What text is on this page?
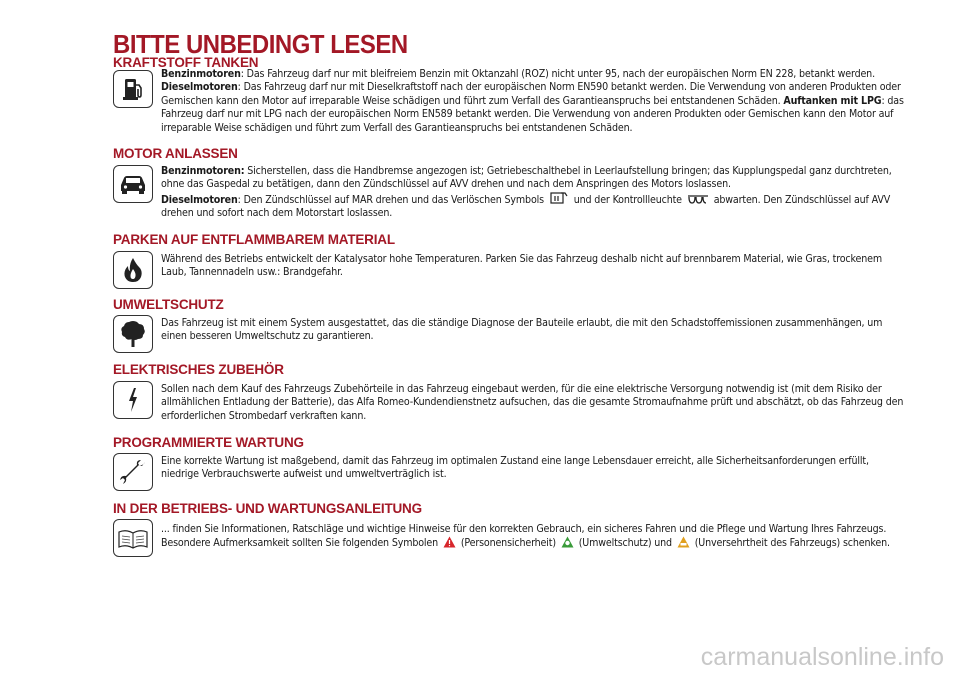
BITTE UNBEDINGT LESEN
KRAFTSTOFF TANKEN

Benzinmotoren: Das Fahrzeug darf nur mit bleifreiem Benzin mit Oktanzahl (ROZ) nicht unter 95, nach der europäischen Norm EN 228, betankt werden. Dieselmotoren: Das Fahrzeug darf nur mit Dieselkraftstoff nach der europäischen Norm EN590 betankt werden. Die Verwendung von anderen Produkten oder Gemischen kann den Motor auf irreparable Weise schädigen und führt zum Verfall des Garantieanspruchs bei entstandenen Schäden. Auftanken mit LPG: das Fahrzeug darf nur mit LPG nach der europäischen Norm EN589 betankt werden. Die Verwendung von anderen Produkten oder Gemischen kann den Motor auf irreparable Weise schädigen und führt zum Verfall des Garantieanspruchs bei entstandenen Schäden.

MOTOR ANLASSEN

Benzinmotoren: Sicherstellen, dass die Handbremse angezogen ist; Getriebeschalthebel in Leerlaufstellung bringen; das Kupplungspedal ganz durchtreten, ohne das Gaspedal zu betätigen, dann den Zündschlüssel auf AVV drehen und nach dem Anspringen des Motors loslassen.
Dieselmotoren: Den Zündschlüssel auf MAR drehen und das Verlöschen Symbols	und der Kontrollleuchte	abwarten. Den Zündschlüssel auf AVV drehen und sofort nach dem Motorstart loslassen.

PARKEN AUF ENTFLAMMBAREM MATERIAL

Während des Betriebs entwickelt der Katalysator hohe Temperaturen. Parken Sie das Fahrzeug deshalb nicht auf brennbarem Material, wie Gras, trockenem Laub, Tannennadeln usw.: Brandgefahr.

UMWELTSCHUTZ

Das Fahrzeug ist mit einem System ausgestattet, das die ständige Diagnose der Bauteile erlaubt, die mit den Schadstoffemissionen zusammenhängen, um einen besseren Umweltschutz zu garantieren.

ELEKTRISCHES ZUBEHÖR

Sollen nach dem Kauf des Fahrzeugs Zubehörteile in das Fahrzeug eingebaut werden, für die eine elektrische Versorgung notwendig ist (mit dem Risiko der allmählichen Entladung der Batterie), das Alfa Romeo-Kundendienstnetz aufsuchen, das die gesamte Stromaufnahme prüft und abschätzt, ob das Fahrzeug den erforderlichen Strombedarf verkraften kann.

PROGRAMMIERTE WARTUNG

Eine korrekte Wartung ist maßgebend, damit das Fahrzeug im optimalen Zustand eine lange Lebensdauer erreicht, alle Sicherheitsanforderungen erfüllt, niedrige Verbrauchswerte aufweist und umweltverträglich ist.

IN DER BETRIEBS- UND WARTUNGSANLEITUNG

... finden Sie Informationen, Ratschläge und wichtige Hinweise für den korrekten Gebrauch, ein sicheres Fahren und die Pflege und Wartung Ihres Fahrzeugs. Besondere Aufmerksamkeit sollten Sie folgenden Symbolen (Personensicherheit) (Umweltschutz) und (Unversehrtheit des Fahrzeugs) schenken.

carmanualsonline.info
